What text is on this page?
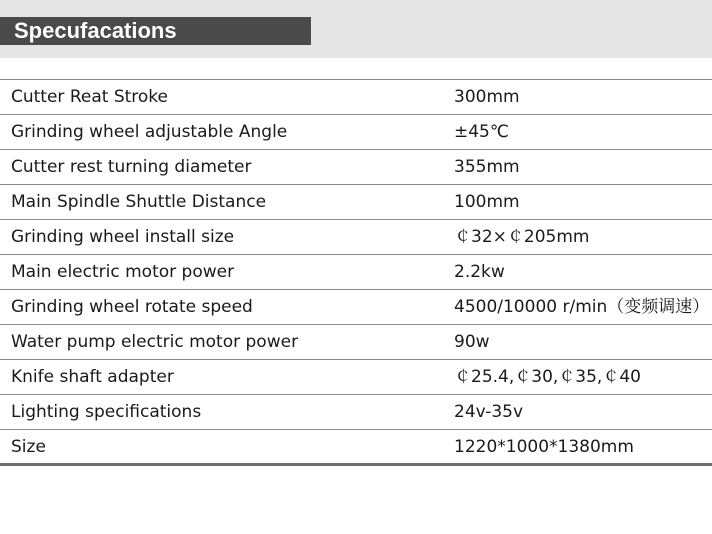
Specufacations
Cutter Reat Stroke	300mm
Grinding wheel adjustable Angle	±45℃
Cutter rest turning diameter	355mm
Main Spindle Shuttle Distance	100mm
Grinding wheel install size	￠32×￠205mm
Main electric motor power	2.2kw
Grinding wheel rotate speed	4500/10000 r/min（变频调速）
Water pump electric motor power	90w
Knife shaft adapter	￠25.4,￠30,￠35,￠40
Lighting specifications	24v-35v
Size	1220*1000*1380mm
